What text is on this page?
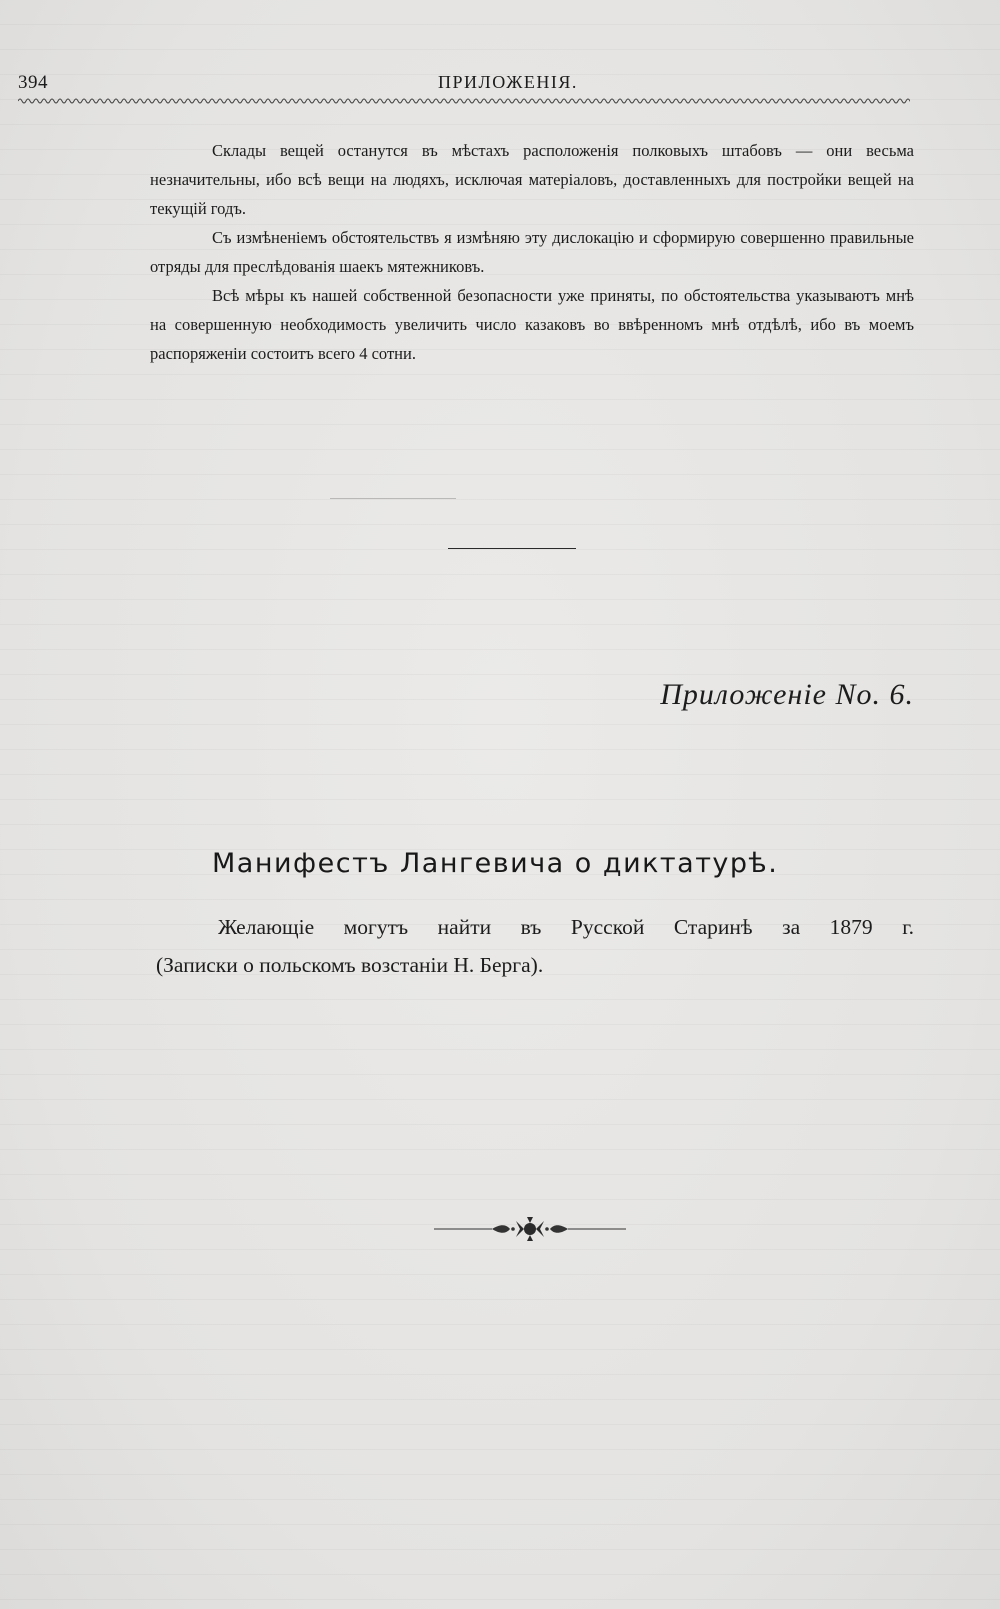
394	ПРИЛОЖЕНІЯ.

Склады вещей останутся въ мѣстахъ расположенія полковыхъ штабовъ — они весьма незначительны, ибо всѣ вещи на людяхъ, исключая матеріаловъ, доставленныхъ для постройки вещей на текущій годъ.

Съ измѣненіемъ обстоятельствъ я измѣняю эту дислокацію и сформирую совершенно правильные отряды для преслѣдованія шаекъ мятежниковъ.

Всѣ мѣры къ нашей собственной безопасности уже приняты, по обстоятельства указываютъ мнѣ на совершенную необходимость увеличить число казаковъ во ввѣренномъ мнѣ отдѣлѣ, ибо въ моемъ распоряженіи состоитъ всего 4 сотни.

Приложеніе No. 6.
Манифестъ Лангевича о диктатурѣ.

Желающіе могутъ найти въ Русской Старинѣ за 1879 г.

(Записки о польскомъ возстаніи Н. Берга).
